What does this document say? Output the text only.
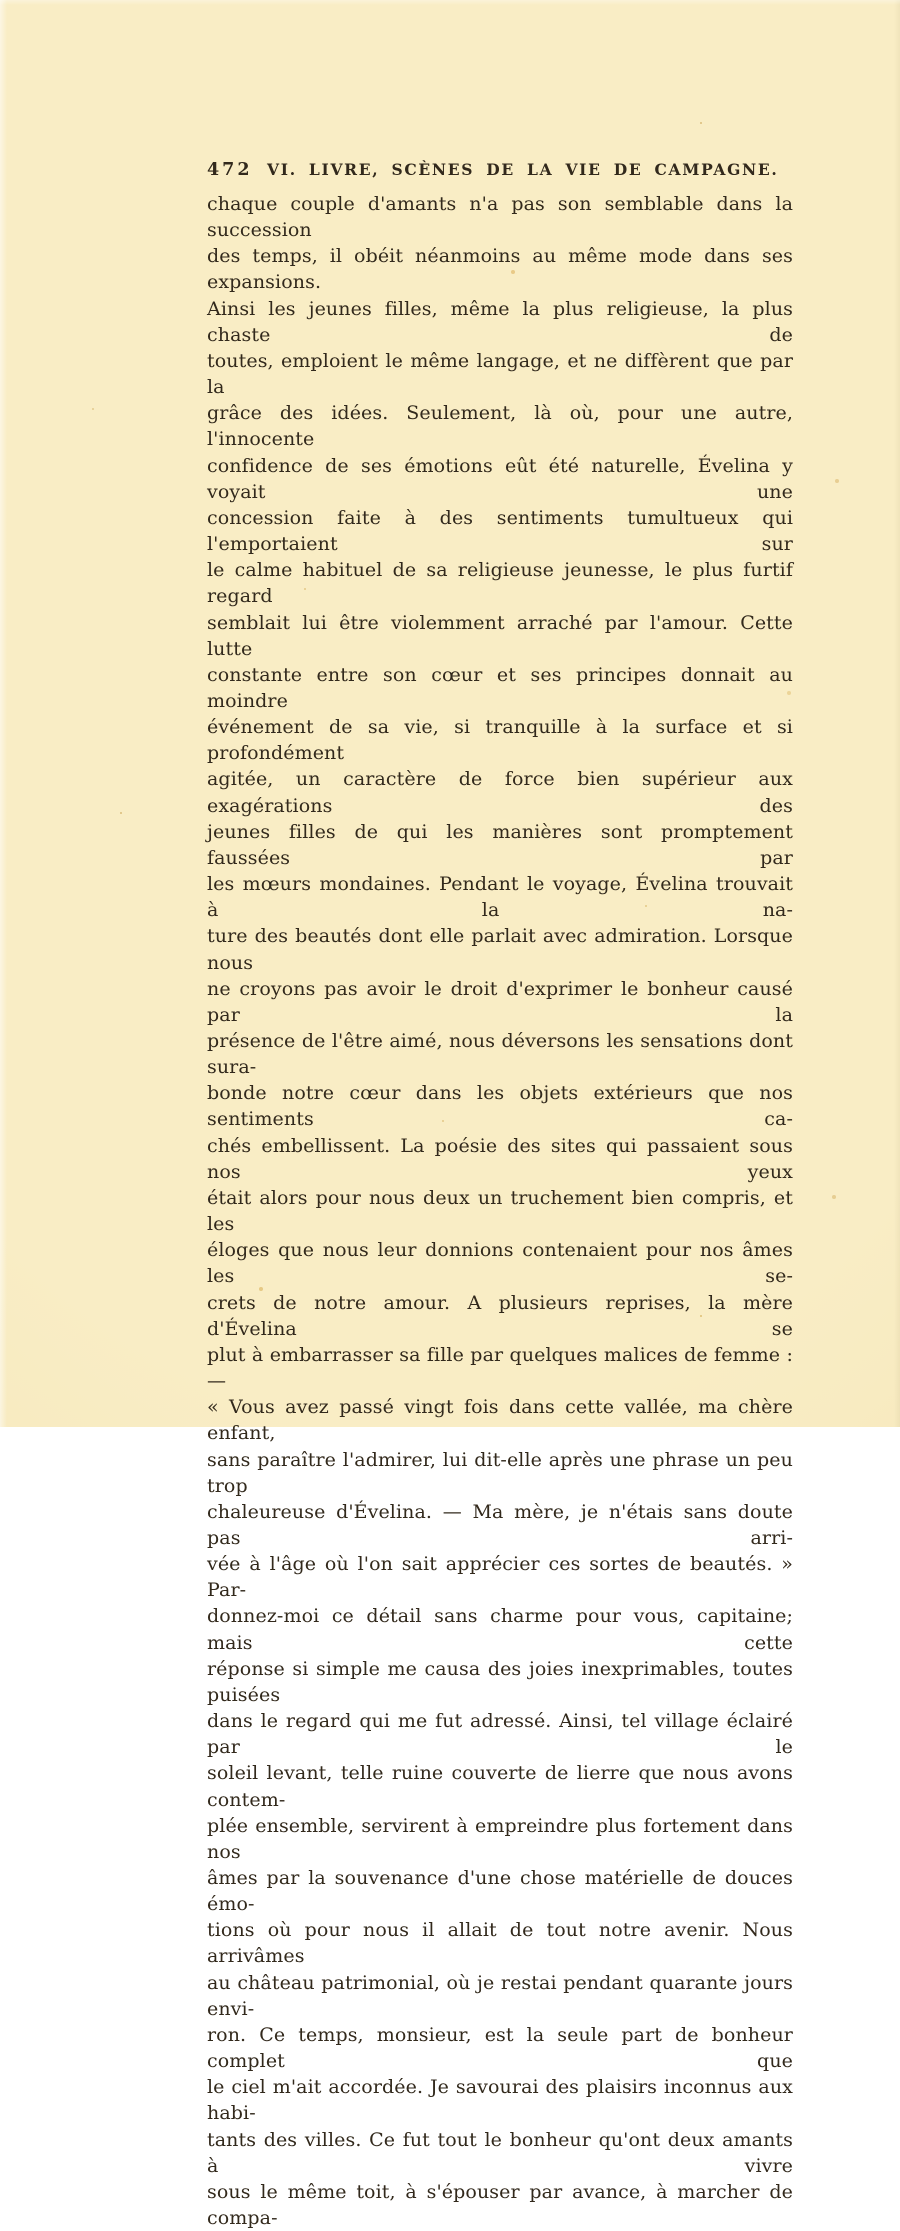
472 VI. LIVRE, SCÈNES DE LA VIE DE CAMPAGNE.
chaque couple d'amants n'a pas son semblable dans la succession
des temps, il obéit néanmoins au même mode dans ses expansions.
Ainsi les jeunes filles, même la plus religieuse, la plus chaste de
toutes, emploient le même langage, et ne diffèrent que par la
grâce des idées. Seulement, là où, pour une autre, l'innocente
confidence de ses émotions eût été naturelle, Évelina y voyait une
concession faite à des sentiments tumultueux qui l'emportaient sur
le calme habituel de sa religieuse jeunesse, le plus furtif regard
semblait lui être violemment arraché par l'amour. Cette lutte
constante entre son cœur et ses principes donnait au moindre
événement de sa vie, si tranquille à la surface et si profondément
agitée, un caractère de force bien supérieur aux exagérations des
jeunes filles de qui les manières sont promptement faussées par
les mœurs mondaines. Pendant le voyage, Évelina trouvait à la na-
ture des beautés dont elle parlait avec admiration. Lorsque nous
ne croyons pas avoir le droit d'exprimer le bonheur causé par la
présence de l'être aimé, nous déversons les sensations dont sura-
bonde notre cœur dans les objets extérieurs que nos sentiments ca-
chés embellissent. La poésie des sites qui passaient sous nos yeux
était alors pour nous deux un truchement bien compris, et les
éloges que nous leur donnions contenaient pour nos âmes les se-
crets de notre amour. A plusieurs reprises, la mère d'Évelina se
plut à embarrasser sa fille par quelques malices de femme : —
« Vous avez passé vingt fois dans cette vallée, ma chère enfant,
sans paraître l'admirer, lui dit-elle après une phrase un peu trop
chaleureuse d'Évelina. — Ma mère, je n'étais sans doute pas arri-
vée à l'âge où l'on sait apprécier ces sortes de beautés. » Par-
donnez-moi ce détail sans charme pour vous, capitaine; mais cette
réponse si simple me causa des joies inexprimables, toutes puisées
dans le regard qui me fut adressé. Ainsi, tel village éclairé par le
soleil levant, telle ruine couverte de lierre que nous avons contem-
plée ensemble, servirent à empreindre plus fortement dans nos
âmes par la souvenance d'une chose matérielle de douces émo-
tions où pour nous il allait de tout notre avenir. Nous arrivâmes
au château patrimonial, où je restai pendant quarante jours envi-
ron. Ce temps, monsieur, est la seule part de bonheur complet que
le ciel m'ait accordée. Je savourai des plaisirs inconnus aux habi-
tants des villes. Ce fut tout le bonheur qu'ont deux amants à vivre
sous le même toit, à s'épouser par avance, à marcher de compa-
